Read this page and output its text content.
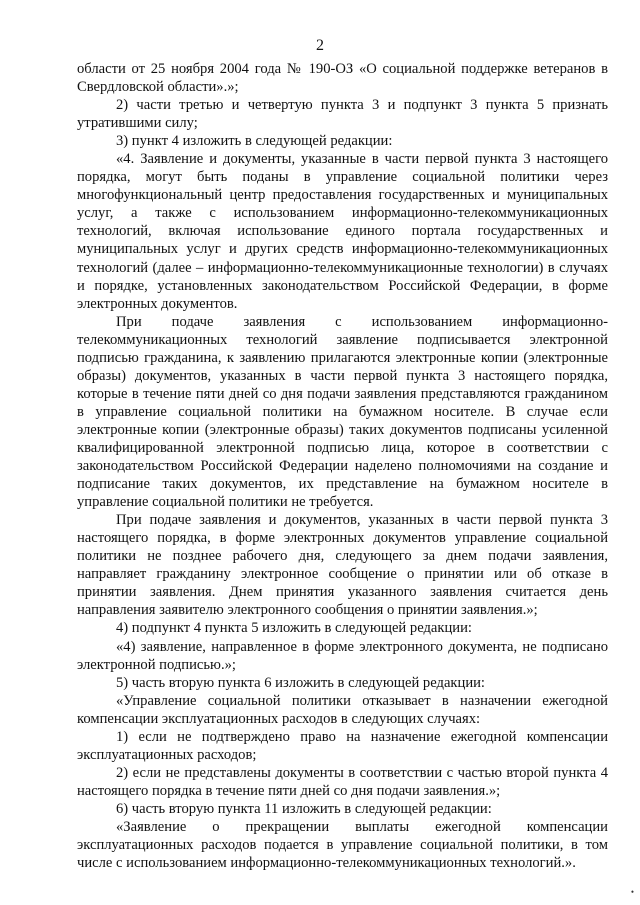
2

области от 25 ноября 2004 года № 190-ОЗ «О социальной поддержке ветеранов в Свердловской области».»;

2) части третью и четвертую пункта 3 и подпункт 3 пункта 5 признать утратившими силу;

3) пункт 4 изложить в следующей редакции:

«4. Заявление и документы, указанные в части первой пункта 3 настоящего порядка, могут быть поданы в управление социальной политики через многофункциональный центр предоставления государственных и муниципальных услуг, а также с использованием информационно-телекоммуникационных технологий, включая использование единого портала государственных и муниципальных услуг и других средств информационно-телекоммуникационных технологий (далее – информационно-телекоммуникационные технологии) в случаях и порядке, установленных законодательством Российской Федерации, в форме электронных документов.

При подаче заявления с использованием информационно-телекоммуникационных технологий заявление подписывается электронной подписью гражданина, к заявлению прилагаются электронные копии (электронные образы) документов, указанных в части первой пункта 3 настоящего порядка, которые в течение пяти дней со дня подачи заявления представляются гражданином в управление социальной политики на бумажном носителе. В случае если электронные копии (электронные образы) таких документов подписаны усиленной квалифицированной электронной подписью лица, которое в соответствии с законодательством Российской Федерации наделено полномочиями на создание и подписание таких документов, их представление на бумажном носителе в управление социальной политики не требуется.

При подаче заявления и документов, указанных в части первой пункта 3 настоящего порядка, в форме электронных документов управление социальной политики не позднее рабочего дня, следующего за днем подачи заявления, направляет гражданину электронное сообщение о принятии или об отказе в принятии заявления. Днем принятия указанного заявления считается день направления заявителю электронного сообщения о принятии заявления.»;

4) подпункт 4 пункта 5 изложить в следующей редакции:

«4) заявление, направленное в форме электронного документа, не подписано электронной подписью.»;

5) часть вторую пункта 6 изложить в следующей редакции:

«Управление социальной политики отказывает в назначении ежегодной компенсации эксплуатационных расходов в следующих случаях:

1) если не подтверждено право на назначение ежегодной компенсации эксплуатационных расходов;

2) если не представлены документы в соответствии с частью второй пункта 4 настоящего порядка в течение пяти дней со дня подачи заявления.»;

6) часть вторую пункта 11 изложить в следующей редакции:

«Заявление о прекращении выплаты ежегодной компенсации эксплуатационных расходов подается в управление социальной политики, в том числе с использованием информационно-телекоммуникационных технологий.».

•
